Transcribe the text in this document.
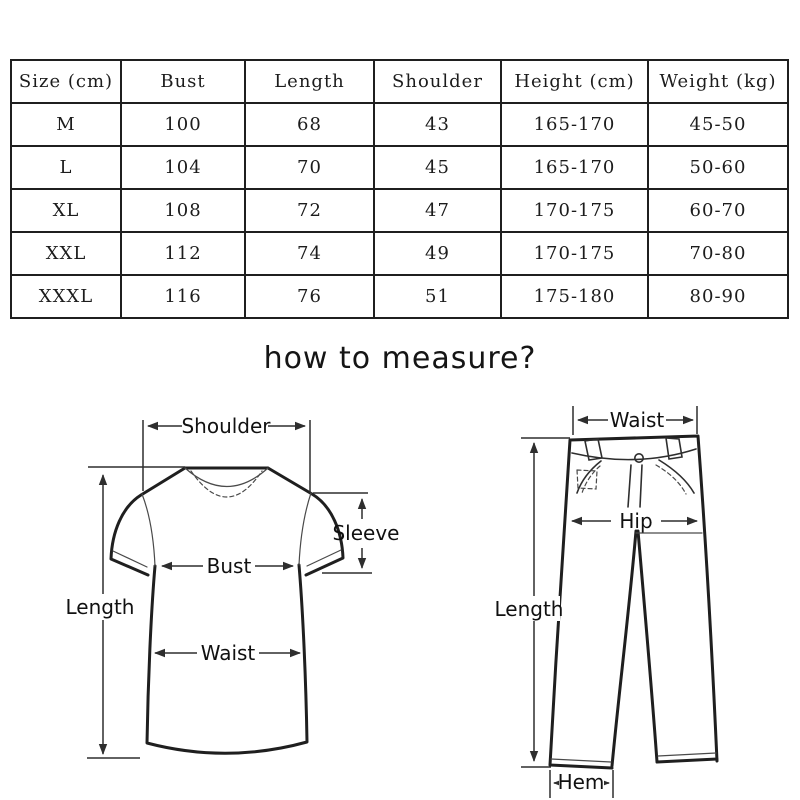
Size (cm)	Bust	Length	Shoulder	Height (cm)	Weight (kg)
M	100	68	43	165-170	45-50
L	104	70	45	165-170	50-60
XL	108	72	47	170-175	60-70
XXL	112	74	49	170-175	70-80
XXXL	116	76	51	175-180	80-90
how to measure?
Shoulder
Bust
Waist
Sleeve
Length
Waist
Hip
Length
Hem
